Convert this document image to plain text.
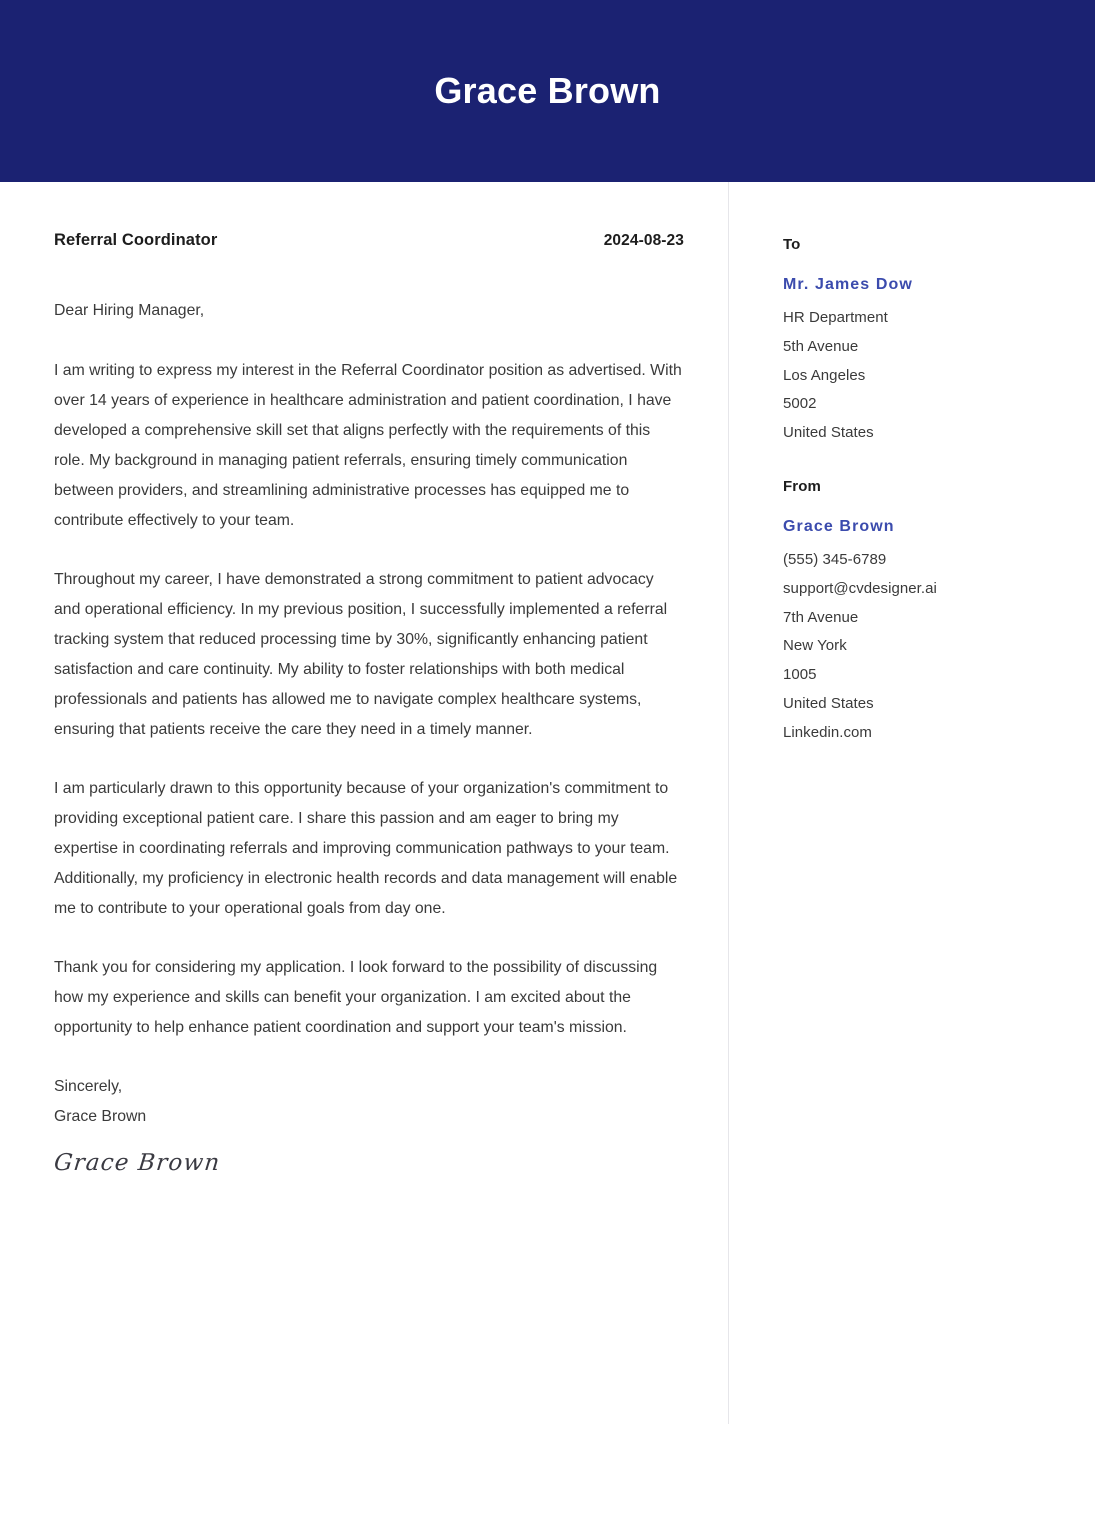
Grace Brown
Referral Coordinator	2024-08-23

Dear Hiring Manager,

I am writing to express my interest in the Referral Coordinator position as advertised. With over 14 years of experience in healthcare administration and patient coordination, I have developed a comprehensive skill set that aligns perfectly with the requirements of this role. My background in managing patient referrals, ensuring timely communication between providers, and streamlining administrative processes has equipped me to contribute effectively to your team.

Throughout my career, I have demonstrated a strong commitment to patient advocacy and operational efficiency. In my previous position, I successfully implemented a referral tracking system that reduced processing time by 30%, significantly enhancing patient satisfaction and care continuity. My ability to foster relationships with both medical professionals and patients has allowed me to navigate complex healthcare systems, ensuring that patients receive the care they need in a timely manner.

I am particularly drawn to this opportunity because of your organization's commitment to providing exceptional patient care. I share this passion and am eager to bring my expertise in coordinating referrals and improving communication pathways to your team. Additionally, my proficiency in electronic health records and data management will enable me to contribute to your operational goals from day one.

Thank you for considering my application. I look forward to the possibility of discussing how my experience and skills can benefit your organization. I am excited about the opportunity to help enhance patient coordination and support your team's mission.

Sincerely,
Grace Brown
Grace Brown
To
Mr. James Dow
HR Department
5th Avenue
Los Angeles
5002
United States
From
Grace Brown
(555) 345-6789
support@cvdesigner.ai
7th Avenue
New York
1005
United States
Linkedin.com
